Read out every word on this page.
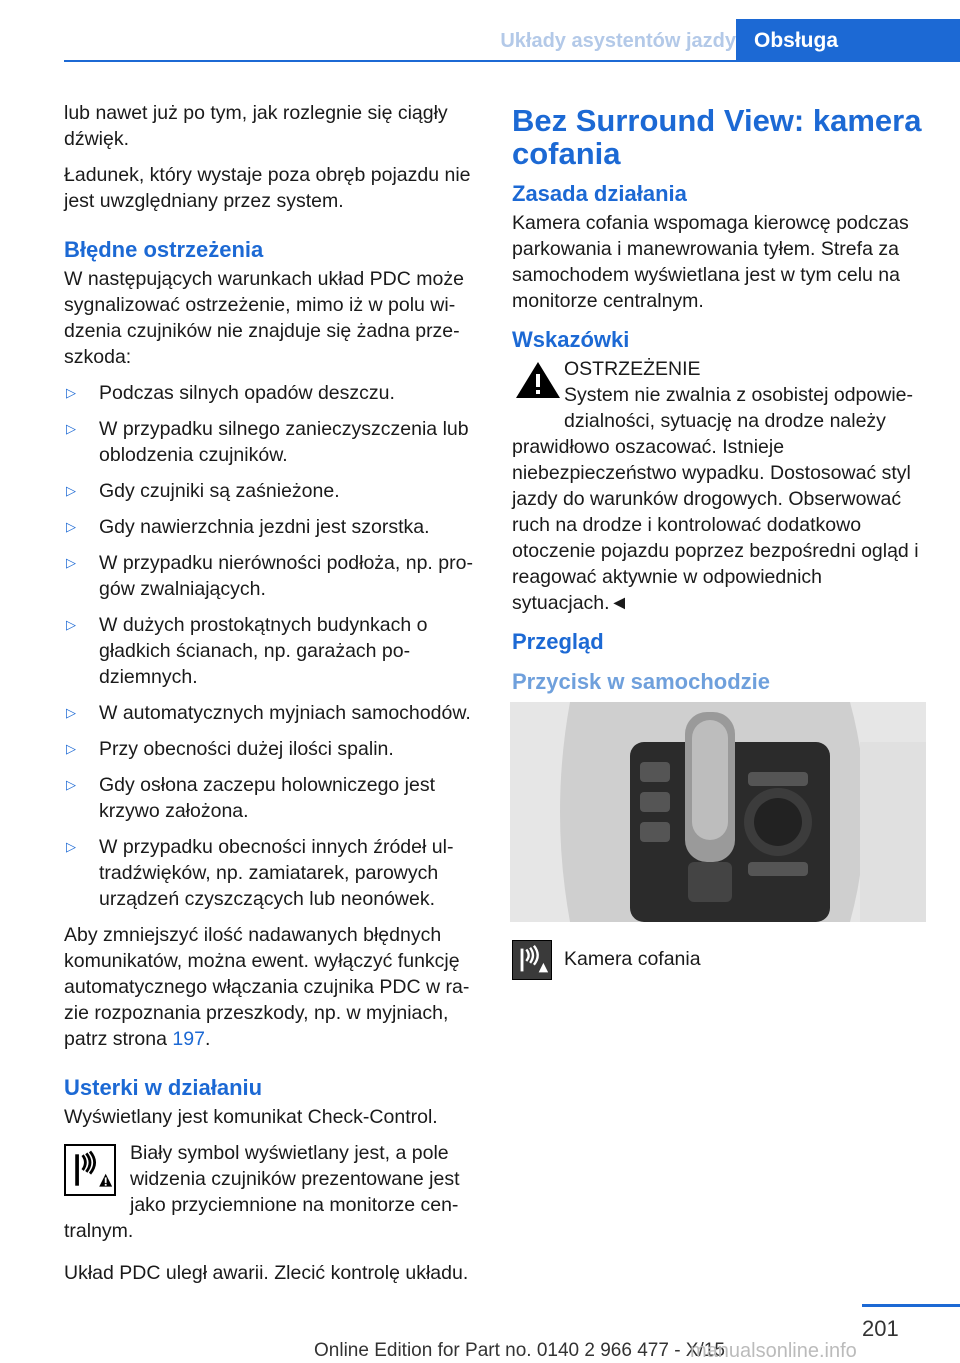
Układy asystentów jazdy Obsługa

lub nawet już po tym, jak rozlegnie się ciągły dźwięk.

Ładunek, który wystaje poza obręb pojazdu nie jest uwzględniany przez system.

Błędne ostrzeżenia

W następujących warunkach układ PDC może sygnalizować ostrzeżenie, mimo iż w polu widzenia czujników nie znajduje się żadna przeszkoda:

▷ Podczas silnych opadów deszczu.
▷ W przypadku silnego zanieczyszczenia lub oblodzenia czujników.
▷ Gdy czujniki są zaśnieżone.
▷ Gdy nawierzchnia jezdni jest szorstka.
▷ W przypadku nierówności podłoża, np. progów zwalniających.
▷ W dużych prostokątnych budynkach o gładkich ścianach, np. garażach podziemnych.
▷ W automatycznych myjniach samochodów.
▷ Przy obecności dużej ilości spalin.
▷ Gdy osłona zaczepu holowniczego jest krzywo założona.
▷ W przypadku obecności innych źródeł ultradźwięków, np. zamiatarek, parowych urządzeń czyszczących lub neonówek.

Aby zmniejszyć ilość nadawanych błędnych komunikatów, można ewent. wyłączyć funkcję automatycznego włączania czujnika PDC w razie rozpoznania przeszkody, np. w myjniach, patrz strona 197.

Usterki w działaniu

Wyświetlany jest komunikat Check-Control.

Biały symbol wyświetlany jest, a pole widzenia czujników prezentowane jest jako przyciemnione na monitorze centralnym.

Układ PDC uległ awarii. Zlecić kontrolę układu.

Bez Surround View: kamera cofania
Zasada działania

Kamera cofania wspomaga kierowcę podczas parkowania i manewrowania tyłem. Strefa za samochodem wyświetlana jest w tym celu na monitorze centralnym.

Wskazówki
OSTRZEŻENIE

System nie zwalnia z osobistej odpowiedzialności, sytuację na drodze należy prawidłowo oszacować. Istnieje niebezpieczeństwo wypadku. Dostosować styl jazdy do warunków drogowych. Obserwować ruch na drodze i kontrolować dodatkowo otoczenie pojazdu poprzez bezpośredni ogląd i reagować aktywnie w odpowiednich sytuacjach.◄

Przegląd
Przycisk w samochodzie
Kamera cofania
201
Online Edition for Part no. 0140 2 966 477 - X/15
manualsonline.info
